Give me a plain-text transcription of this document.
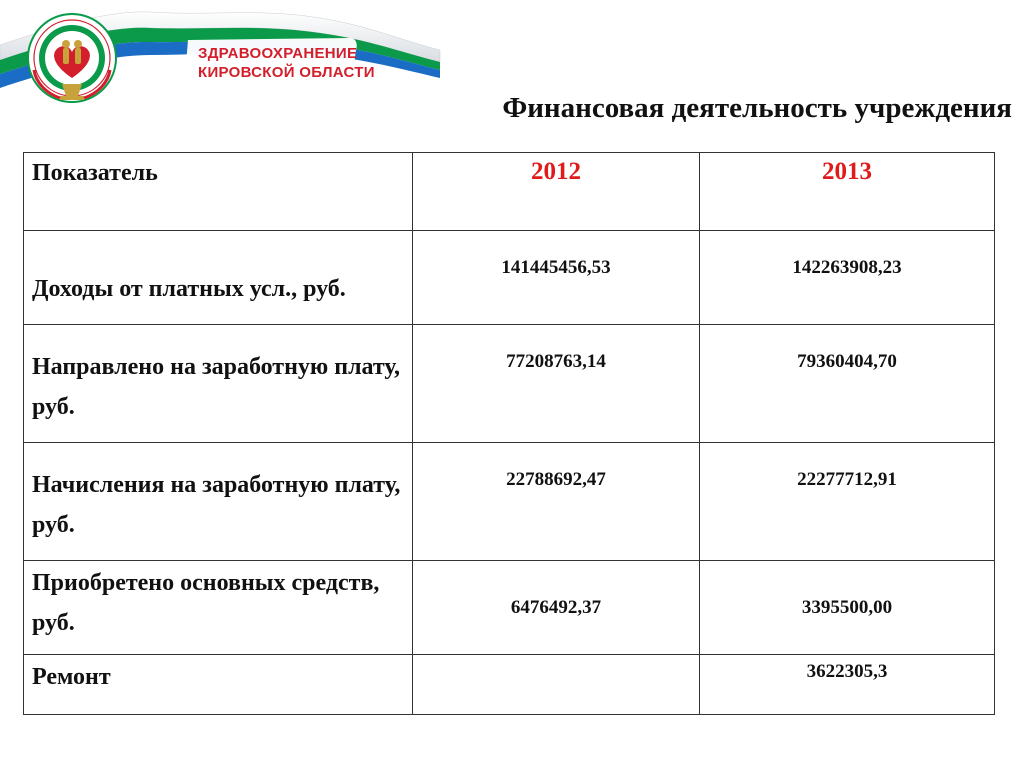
ЗДРАВООХРАНЕНИЕ
КИРОВСКОЙ ОБЛАСТИ
Финансовая деятельность учреждения
Показатель	2012	2013

Доходы от платных усл., руб.	141445456,53	142263908,23

Направлено на заработную плату, руб.	77208763,14	79360404,70

Начисления на заработную плату, руб.	22788692,47	22277712,91

Приобретено основных средств, руб.	6476492,37	3395500,00

Ремонт		3622305,3
